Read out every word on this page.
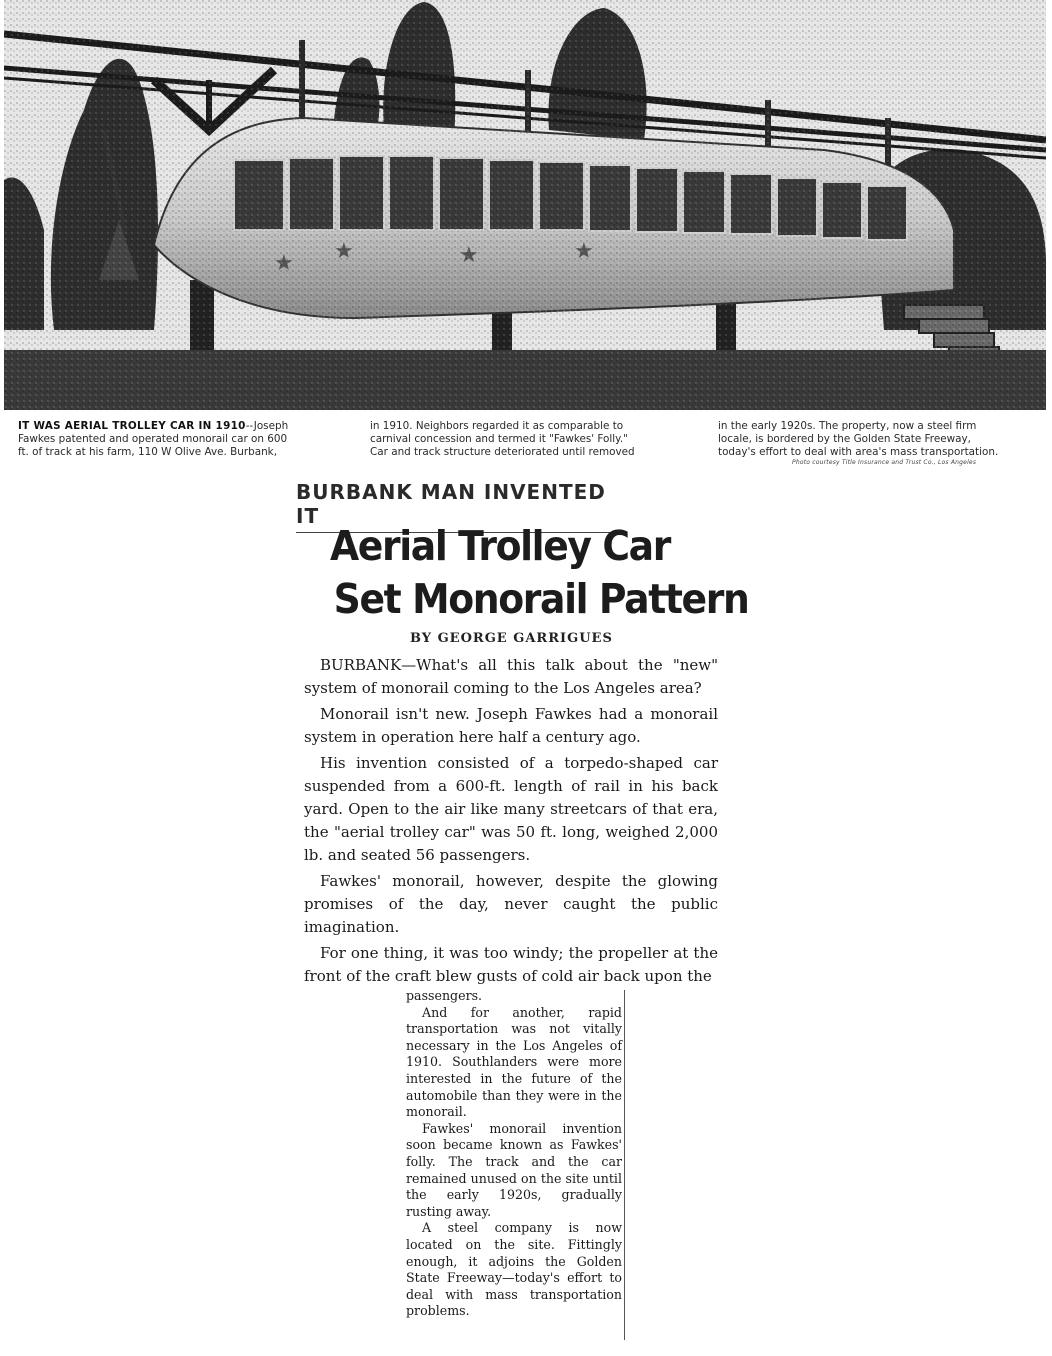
IT WAS AERIAL TROLLEY CAR IN 1910--Joseph
Fawkes patented and operated monorail car on 600
ft. of track at his farm, 110 W Olive Ave. Burbank,
in 1910. Neighbors regarded it as comparable to
carnival concession and termed it "Fawkes' Folly."
Car and track structure deteriorated until removed
in the early 1920s. The property, now a steel firm
locale, is bordered by the Golden State Freeway,
today's effort to deal with area's mass transportation.
Photo courtesy Title Insurance and Trust Co., Los Angeles
BURBANK MAN INVENTED IT
Aerial Trolley Car
Set Monorail Pattern
BY GEORGE GARRIGUES

BURBANK—What's all this talk about the "new" system of monorail coming to the Los Angeles area?

Monorail isn't new. Joseph Fawkes had a monorail system in operation here half a century ago.

His invention consisted of a torpedo-shaped car suspended from a 600-ft. length of rail in his back yard. Open to the air like many streetcars of that era, the "aerial trolley car" was 50 ft. long, weighed 2,000 lb. and seated 56 passengers.

Fawkes' monorail, however, despite the glowing promises of the day, never caught the public imagination.

For one thing, it was too windy; the propeller at the front of the craft blew gusts of cold air back upon the

passengers.

And for another, rapid transportation was not vitally necessary in the Los Angeles of 1910. Southlanders were more interested in the future of the automobile than they were in the monorail.

Fawkes' monorail invention soon became known as Fawkes' folly. The track and the car remained unused on the site until the early 1920s, gradually rusting away.

A steel company is now located on the site. Fittingly enough, it adjoins the Golden State Freeway—today's effort to deal with mass transportation problems.
